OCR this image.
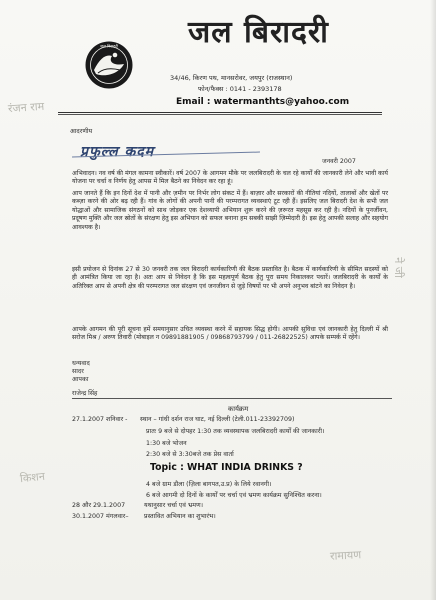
जल बिरादरी जल बिरादरी
34/46, किरण पथ, मानसरोवर, जयपुर (राजस्थान)
फोन/फैक्स : 0141 - 2393178
Email : watermanthts@yahoo.com
आदरणीय
प्रफुल्ल कदम
जनवरी 2007
अभिवादन। नव वर्ष की मंगल कामना स्वीकारें। वर्ष 2007 के आगमन मौके पर जलबिरादरी के चल रहे कार्यों की जानकारी लेने और भावी कार्य योजना पर चर्चा व निर्णय हेतु आपस में मिल बैठने का निवेदन कर रहा हूं।
आप जानते हैं कि इन दिनों देश में पानी और ज़मीन पर निर्भर लोग संकट में हैं। बाज़ार और सरकारों की नीतियां नदियों, तालाबों और खेतों पर कब्ज़ा करने की ओर बढ़ रही हैं। गांव के लोगों की अपनी पानी की परम्परागत व्यवस्थाएं टूट रही हैं। इसलिए जल बिरादरी देश के सभी जल योद्धाओं और सामाजिक संगठनों को साथ जोड़कर एक देशव्यापी अभियान शुरू करने की ज़रूरत महसूस कर रही है। नदियों के पुनर्जीवन, प्रदूषण मुक्ति और जल स्रोतों के संरक्षण हेतु इस अभियान को सफल बनाना हम सबकी साझी ज़िम्मेदारी है। इस हेतु आपकी सलाह और सहयोग आवश्यक है।
इसी प्रयोजन से दिनांक 27 से 30 जनवरी तक जल बिरादरी कार्यकारिणी की बैठक प्रस्तावित है। बैठक में कार्यकारिणी के सीमित सदस्यों को ही आमंत्रित किया जा रहा है। अतः आप से निवेदन है कि इस महत्वपूर्ण बैठक हेतु पूरा समय निकालकर पधारें। जलबिरादरी के कार्यों के अतिरिक्त आप से अपनी क्षेत्र की परम्परागत जल संरक्षण एवं जनजीवन से जुड़े विषयों पर भी अपने अनुभव बांटने का निवेदन है।
आपके आगमन की पूरी सूचना हमें समयानुसार उचित व्यवस्था करने में सहायक सिद्ध होगी। आपकी सुविधा एवं जानकारी हेतु दिल्ली में श्री सरोज मिश्र / अरुण तिवारी (मोबाइल न 09891881905 / 09868793799 / 011-26822525) आपके सम्पर्क में रहेंगे।
धन्यवाद
सादर
आपका
राजेन्द्र सिंह
कार्यक्रम
27.1.2007 शनिवार - स्थान – गांधी दर्शन राज घाट, नई दिल्ली (टेली.011-23392709)
प्रातः 9 बजे से दोपहर 1:30 तक व्यवस्थापक जलबिरादरी कार्यों की जानकारी।
1:30 बजे भोजन
2:30 बजे से 3:30बजे तक प्रेस वार्ता
Topic : WHAT INDIA DRINKS ?
4 बजे ग्राम डौला (ज़िला बागपत,उ.प्र) के लिये रवानगी।
6 बजे आगमी दो दिनों के कार्यों पर चर्चा एवं भ्रमण कार्यक्रम सुनिश्चित करना।
28 और 29.1.2007	यथानुसार चर्चा एवं भ्रमण।
30.1.2007 मंगलवार– प्रस्तावित अभियान का शुभारंभ।
रंजन राम
ने जी
किशन
रामायण
